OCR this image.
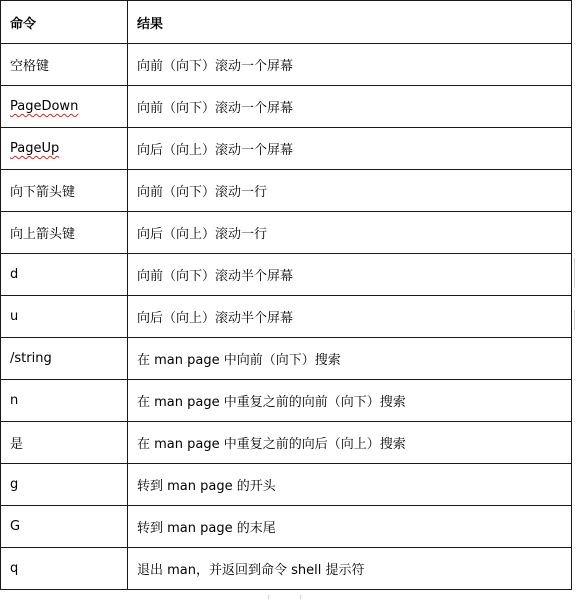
命令	结果
空格键	向前（向下）滚动一个屏幕
PageDown	向前（向下）滚动一个屏幕
PageUp	向后（向上）滚动一个屏幕
向下箭头键	向前（向下）滚动一行
向上箭头键	向后（向上）滚动一行
d	向前（向下）滚动半个屏幕
u	向后（向上）滚动半个屏幕
/string	在 man page 中向前（向下）搜索
n	在 man page 中重复之前的向前（向下）搜索
是	在 man page 中重复之前的向后（向上）搜索
g	转到 man page 的开头
G	转到 man page 的末尾
q	退出 man，并返回到命令 shell 提示符
